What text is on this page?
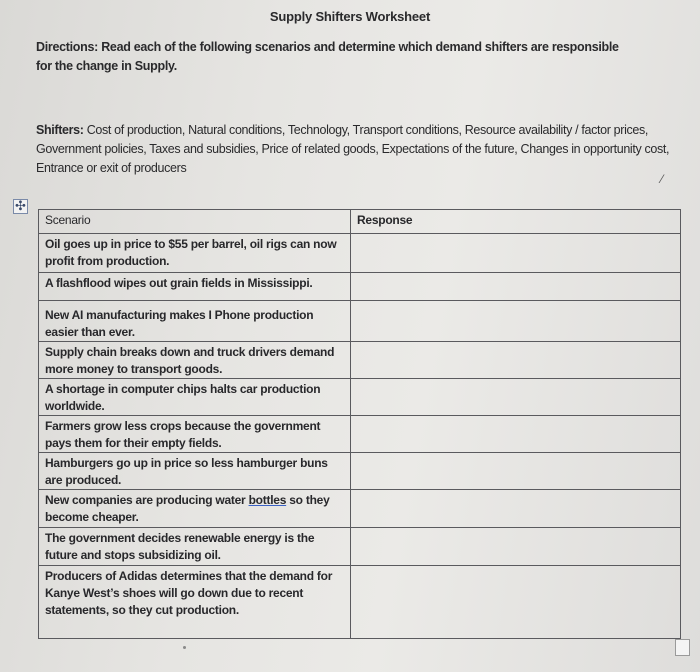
Supply Shifters Worksheet
Directions: Read each of the following scenarios and determine which demand shifters are responsible for the change in Supply.
Shifters: Cost of production, Natural conditions, Technology, Transport conditions, Resource availability / factor prices, Government policies, Taxes and subsidies, Price of related goods, Expectations of the future, Changes in opportunity cost, Entrance or exit of producers
⁄
✣
Scenario	Response
Oil goes up in price to $55 per barrel, oil rigs can now profit from production.	
A flashflood wipes out grain fields in Mississippi.	
New AI manufacturing makes I Phone production easier than ever.	
Supply chain breaks down and truck drivers demand more money to transport goods.	
A shortage in computer chips halts car production worldwide.	
Farmers grow less crops because the government pays them for their empty fields.	
Hamburgers go up in price so less hamburger buns are produced.	
New companies are producing water bottles so they become cheaper.	
The government decides renewable energy is the future and stops subsidizing oil.	
Producers of Adidas determines that the demand for Kanye West’s shoes will go down due to recent statements, so they cut production.	
